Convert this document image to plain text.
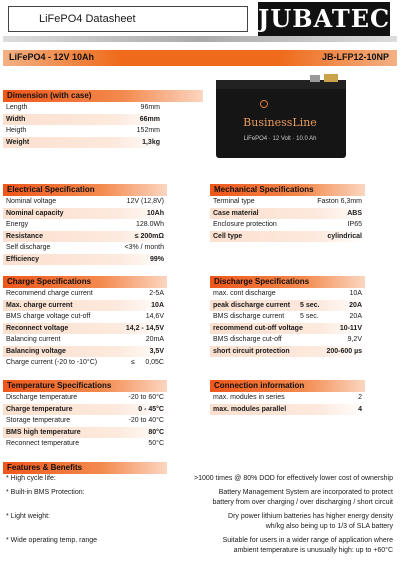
LiFePO4 Datasheet	JUBATEC®
LiFePO4 - 12V 10Ah	JB-LFP12-10NP
BusinessLine
LiFePO4 · 12 Volt · 10.0 Ah
Dimension (with case)
Length	96mm
Width	66mm
Heigth	152mm
Weight	1,3kg
Electrical Specification
Nominal voltage	12V (12,8V)
Nominal capacity	10Ah
Energy	128.0Wh
Resistance	≤ 200mΩ
Self discharge	<3% / month
Efficiency	99%
Mechanical Specifications
Terminal type	Faston 6,3mm
Case material	ABS
Enclosure protection	IP65
Cell type	cylindrical
Charge Specifications
Recommend charge current	2-5A
Max. charge current	10A
BMS charge voltage cut-off	14,6V
Reconnect voltage	14,2 - 14,5V
Balancing current	20mA
Balancing voltage	3,5V
Charge current (-20 to -10°C)	≤ 0,05C
Discharge Specifications
max. cont discharge	10A
peak discharge current 5 sec.	20A
BMS discharge current 5 sec.	20A
recommend cut-off voltage	10-11V
BMS discharge cut-off	9,2V
short circuit protection	200-600 µs
Temperature Specifications
Discharge temperature	-20 to 60°C
Charge temperature	0 - 45°C
Storage temperature	-20 to 40°C
BMS high temperature	80°C
Reconnect temperature	50°C
Connection information
max. modules in series	2
max. modules parallel	4
Features & Benefits
* High cycle life:	>1000 times @ 80% DOD for effectively lower cost of ownership
* Built-in BMS Protection:	Battery Management System are incorporated to protect
battery from over charging / over discharging / short circuit
* Light weight:	Dry power lithium batteries has higher energy density
wh/kg also being up to 1/3 of SLA battery
* Wide operating temp. range	Suitable for users in a wider range of application where
ambient temperature is unusually high: up to +60°C
